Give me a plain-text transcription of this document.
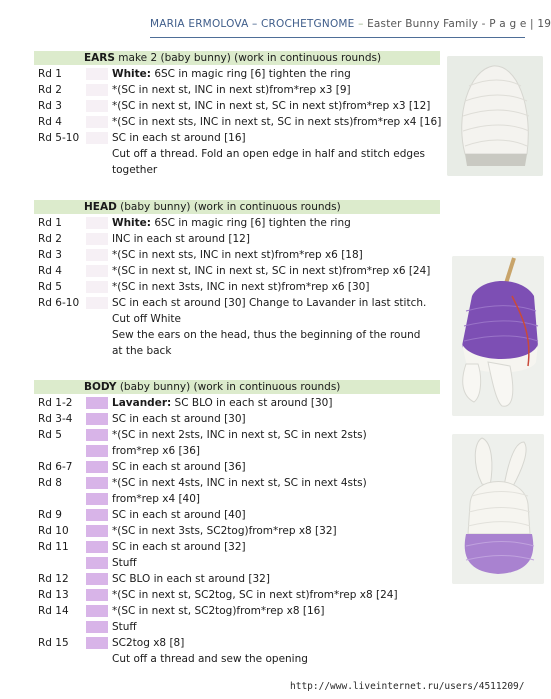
MARIA ERMOLOVA – CROCHETGNOME – Easter Bunny Family - P a g e | 19
EARS make 2 (baby bunny) (work in continuous rounds)
Rd 1	White: 6SC in magic ring [6] tighten the ring
Rd 2	*(SC in next st, INC in next st)from*rep x3 [9]
Rd 3	*(SC in next st, INC in next st, SC in next st)from*rep x3 [12]
Rd 4	*(SC in next sts, INC in next st, SC in next sts)from*rep x4 [16]
Rd 5-10	SC in each st around [16]
Cut off a thread. Fold an open edge in half and stitch edges
together
HEAD (baby bunny) (work in continuous rounds)
Rd 1	White: 6SC in magic ring [6] tighten the ring
Rd 2	INC in each st around [12]
Rd 3	*(SC in next sts, INC in next st)from*rep x6 [18]
Rd 4	*(SC in next st, INC in next st, SC in next st)from*rep x6 [24]
Rd 5	*(SC in next 3sts, INC in next st)from*rep x6 [30]
Rd 6-10	SC in each st around [30] Change to Lavander in last stitch.
Cut off White
Sew the ears on the head, thus the beginning of the round
at the back
BODY (baby bunny) (work in continuous rounds)
Rd 1-2	Lavander: SC BLO in each st around [30]
Rd 3-4	SC in each st around [30]
Rd 5	*(SC in next 2sts, INC in next st, SC in next 2sts)
from*rep x6 [36]
Rd 6-7	SC in each st around [36]
Rd 8	*(SC in next 4sts, INC in next st, SC in next 4sts)
from*rep x4 [40]
Rd 9	SC in each st around [40]
Rd 10	*(SC in next 3sts, SC2tog)from*rep x8 [32]
Rd 11	SC in each st around [32]
Stuff
Rd 12	SC BLO in each st around [32]
Rd 13	*(SC in next st, SC2tog, SC in next st)from*rep x8 [24]
Rd 14	*(SC in next st, SC2tog)from*rep x8 [16]
Stuff
Rd 15	SC2tog x8 [8]
Cut off a thread and sew the opening
http://www.liveinternet.ru/users/4511209/
